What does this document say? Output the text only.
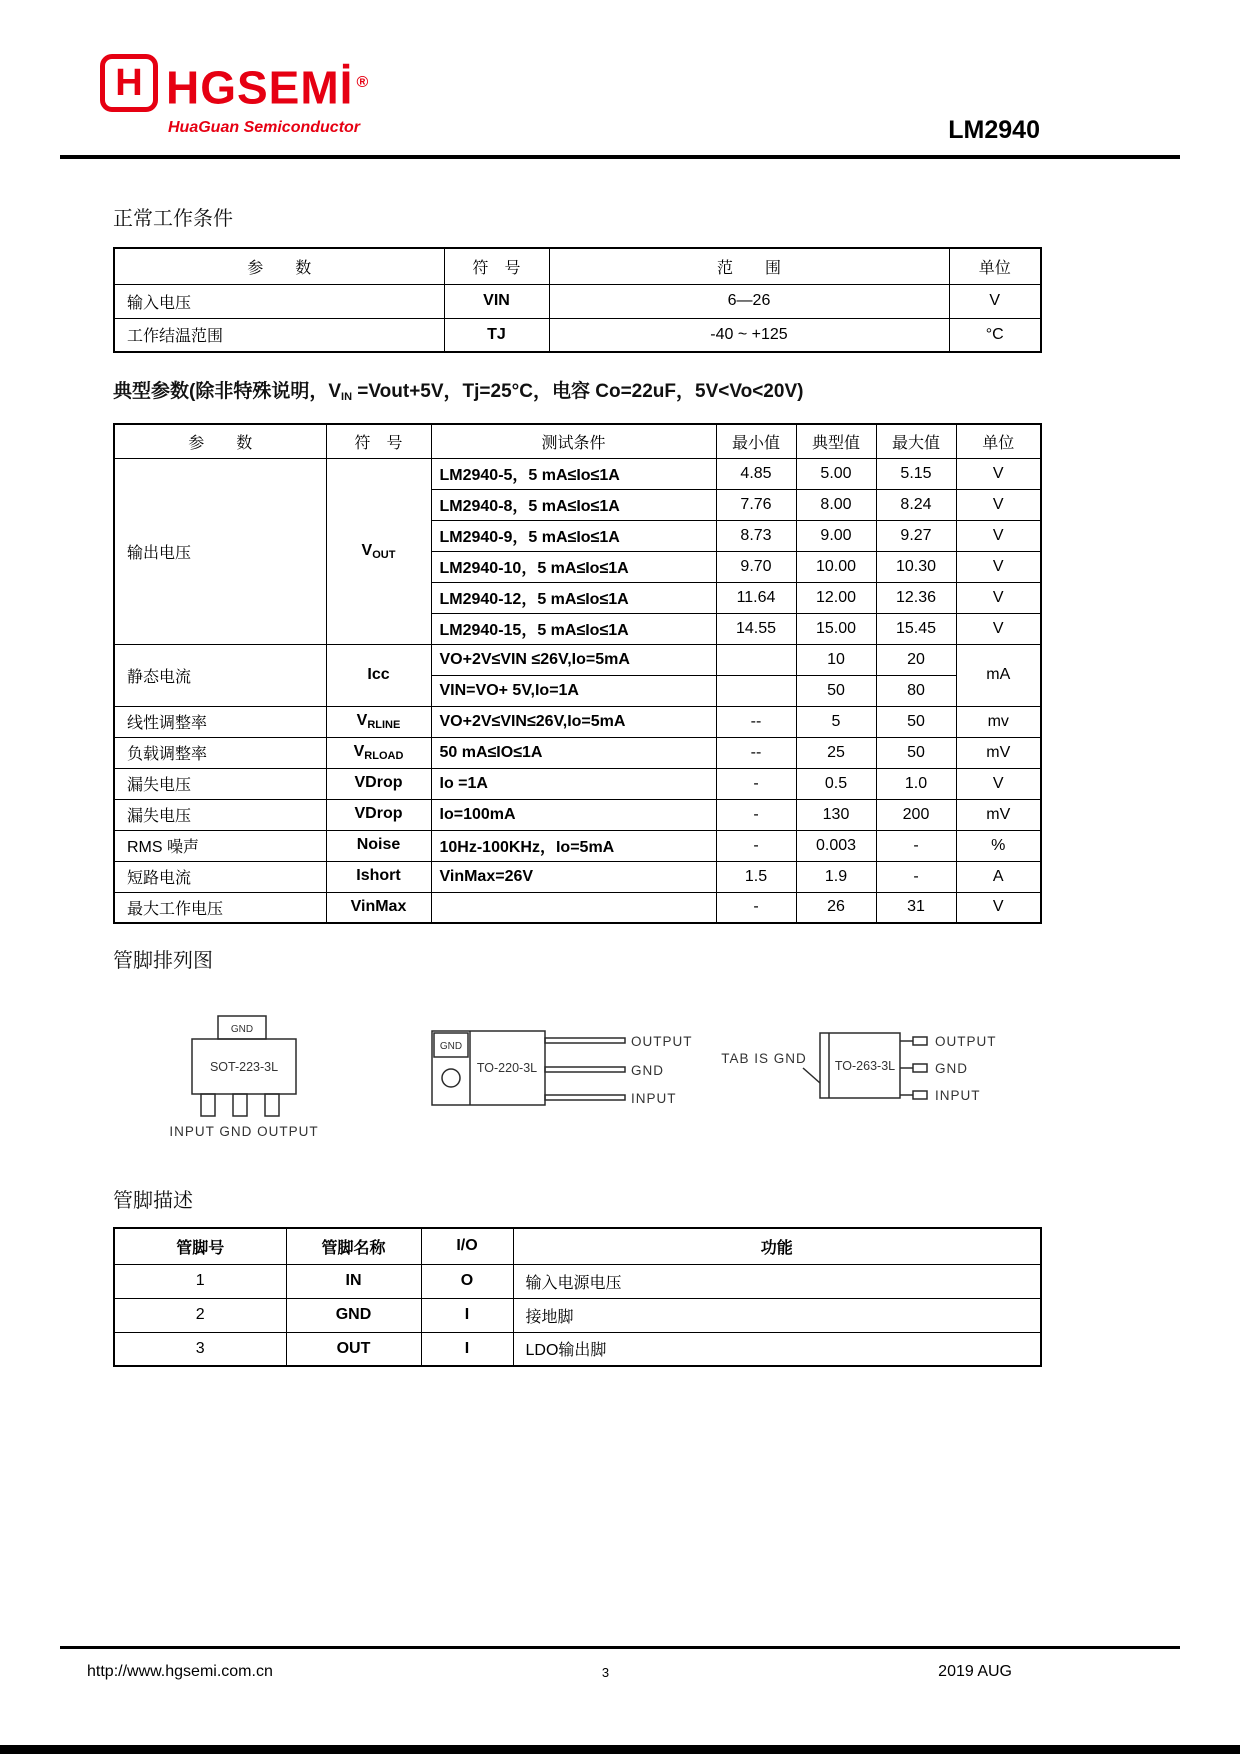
H HGSEMİ ®
HuaGuan Semiconductor	LM2940
正常工作条件
参　　数	符　号	范　　围	单位
输入电压	VIN	6—26	V
工作结温范围	TJ	-40 ~ +125	°C
典型参数(除非特殊说明，$V_{IN}$ =Vout+5V，Tj=25°C，电容 Co=22uF，5V<Vo<20V)
参　　数	符　号	测试条件	最小值	典型值	最大值	单位
输出电压	$V_{OUT}$	LM2940-5，5 mA≤Io≤1A	4.85	5.00	5.15	V
		LM2940-8，5 mA≤Io≤1A	7.76	8.00	8.24	V
		LM2940-9，5 mA≤Io≤1A	8.73	9.00	9.27	V
		LM2940-10，5 mA≤Io≤1A	9.70	10.00	10.30	V
		LM2940-12，5 mA≤Io≤1A	11.64	12.00	12.36	V
		LM2940-15，5 mA≤Io≤1A	14.55	15.00	15.45	V
静态电流	Icc	VO+2V≤VIN ≤26V,Io=5mA		10	20	mA
		VIN=VO+ 5V,Io=1A		50	80	
线性调整率	$V_{RLINE}$	VO+2V≤VIN≤26V,Io=5mA	--	5	50	mv
负载调整率	$V_{RLOAD}$	50 mA≤IO≤1A	--	25	50	mV
漏失电压	VDrop	Io =1A	-	0.5	1.0	V
漏失电压	VDrop	Io=100mA	-	130	200	mV
RMS 噪声	Noise	10Hz-100KHz，Io=5mA	-	0.003	-	%
短路电流	Ishort	VinMax=26V	1.5	1.9	-	A
最大工作电压	VinMax		-	26	31	V
管脚排列图
GND
SOT-223-3L
INPUT GND OUTPUT
GND
TO-220-3L
OUTPUT
GND
INPUT
TAB IS GND TO-263-3L
OUTPUT
GND
INPUT
管脚描述
管脚号	管脚名称	I/O	功能
1	IN	O	输入电源电压
2	GND	I	接地脚
3	OUT	I	LDO输出脚
http://www.hgsemi.com.cn	3	2019 AUG
